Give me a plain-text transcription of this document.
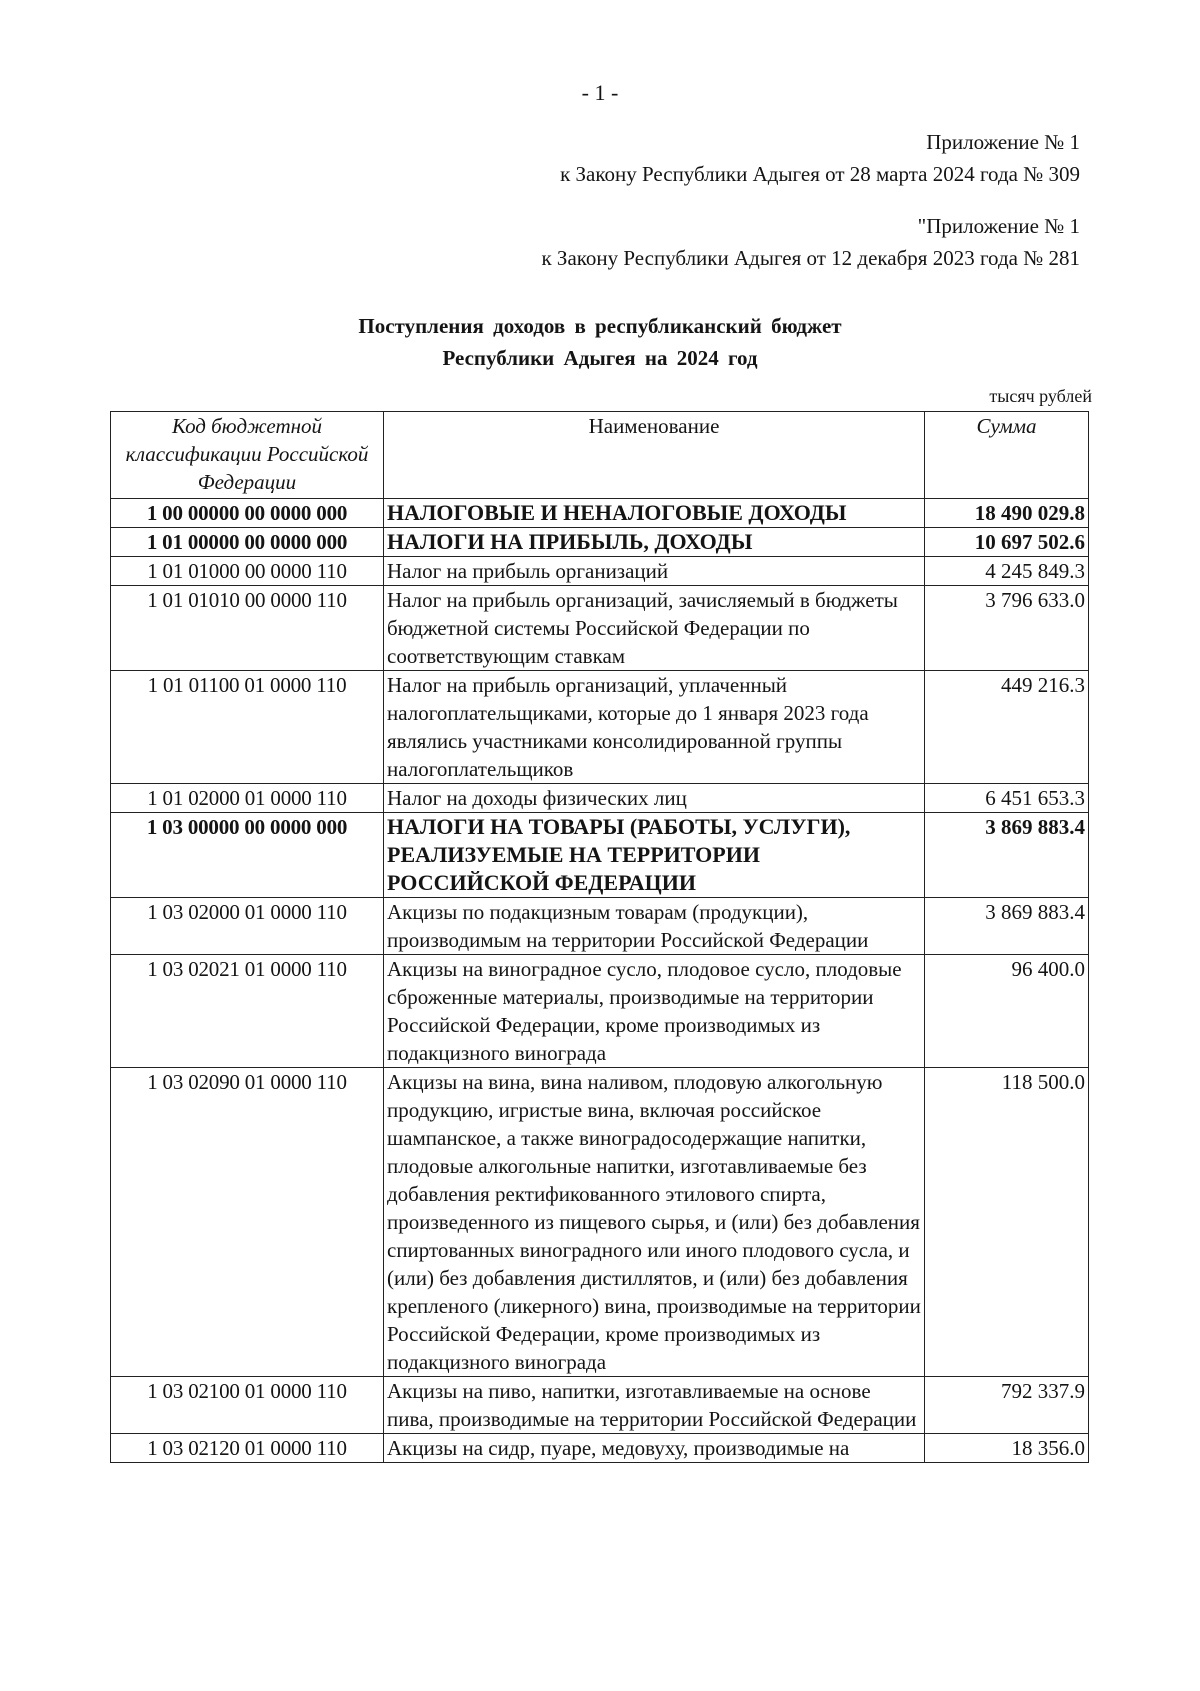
- 1 -
Приложение № 1
к Закону Республики Адыгея от 28 марта 2024 года № 309
"Приложение № 1
к Закону Республики Адыгея от 12 декабря 2023 года № 281
Поступления доходов в республиканский бюджет
Республики Адыгея на 2024 год
тысяч рублей
Код бюджетной классификации Российской Федерации	Наименование	Сумма
1 00 00000 00 0000 000	НАЛОГОВЫЕ И НЕНАЛОГОВЫЕ ДОХОДЫ	18 490 029.8
1 01 00000 00 0000 000	НАЛОГИ НА ПРИБЫЛЬ, ДОХОДЫ	10 697 502.6
1 01 01000 00 0000 110	Налог на прибыль организаций	4 245 849.3
1 01 01010 00 0000 110	Налог на прибыль организаций, зачисляемый в бюджеты бюджетной системы Российской Федерации по соответствующим ставкам	3 796 633.0
1 01 01100 01 0000 110	Налог на прибыль организаций, уплаченный налогоплательщиками, которые до 1 января 2023 года являлись участниками консолидированной группы налогоплательщиков	449 216.3
1 01 02000 01 0000 110	Налог на доходы физических лиц	6 451 653.3
1 03 00000 00 0000 000	НАЛОГИ НА ТОВАРЫ (РАБОТЫ, УСЛУГИ), РЕАЛИЗУЕМЫЕ НА ТЕРРИТОРИИ РОССИЙСКОЙ ФЕДЕРАЦИИ	3 869 883.4
1 03 02000 01 0000 110	Акцизы по подакцизным товарам (продукции), производимым на территории Российской Федерации	3 869 883.4
1 03 02021 01 0000 110	Акцизы на виноградное сусло, плодовое сусло, плодовые сброженные материалы, производимые на территории Российской Федерации, кроме производимых из подакцизного винограда	96 400.0
1 03 02090 01 0000 110	Акцизы на вина, вина наливом, плодовую алкогольную продукцию, игристые вина, включая российское шампанское, а также виноградосодержащие напитки, плодовые алкогольные напитки, изготавливаемые без добавления ректификованного этилового спирта, произведенного из пищевого сырья, и (или) без добавления спиртованных виноградного или иного плодового сусла, и (или) без добавления дистиллятов, и (или) без добавления крепленого (ликерного) вина, производимые на территории Российской Федерации, кроме производимых из подакцизного винограда	118 500.0
1 03 02100 01 0000 110	Акцизы на пиво, напитки, изготавливаемые на основе пива, производимые на территории Российской Федерации	792 337.9
1 03 02120 01 0000 110	Акцизы на сидр, пуаре, медовуху, производимые на	18 356.0
